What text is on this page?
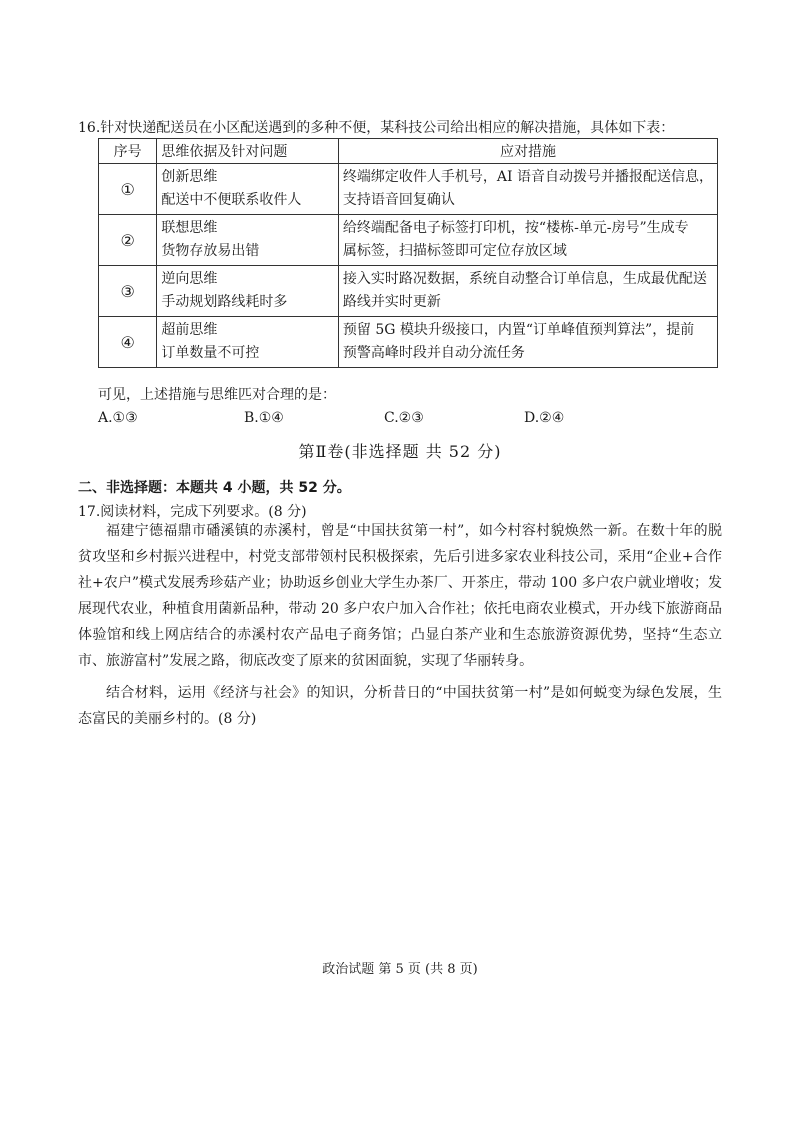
16.针对快递配送员在小区配送遇到的多种不便，某科技公司给出相应的解决措施，具体如下表：
序号	思维依据及针对问题	应对措施
①	创新思维
配送中不便联系收件人	终端绑定收件人手机号，AI 语音自动拨号并播报配送信息，
支持语音回复确认

②	联想思维
货物存放易出错	给终端配备电子标签打印机，按“楼栋-单元-房号”生成专
属标签，扫描标签即可定位存放区域

③	逆向思维
手动规划路线耗时多	接入实时路况数据，系统自动整合订单信息，生成最优配送
路线并实时更新

④	超前思维
订单数量不可控	预留 5G 模块升级接口，内置“订单峰值预判算法”，提前
预警高峰时段并自动分流任务
可见，上述措施与思维匹对合理的是：
A.①③	B.①④	C.②③	D.②④
第Ⅱ卷(非选择题 共 52 分)
二、非选择题：本题共 4 小题，共 52 分。
17.阅读材料，完成下列要求。(8 分)

福建宁德福鼎市磻溪镇的赤溪村，曾是“中国扶贫第一村”，如今村容村貌焕然一新。在数十年的脱贫攻坚和乡村振兴进程中，村党支部带领村民积极探索，先后引进多家农业科技公司，采用“企业+合作社+农户”模式发展秀珍菇产业；协助返乡创业大学生办茶厂、开茶庄，带动 100 多户农户就业增收；发展现代农业，种植食用菌新品种，带动 20 多户农户加入合作社；依托电商农业模式，开办线下旅游商品体验馆和线上网店结合的赤溪村农产品电子商务馆；凸显白茶产业和生态旅游资源优势，坚持“生态立市、旅游富村”发展之路，彻底改变了原来的贫困面貌，实现了华丽转身。

结合材料，运用《经济与社会》的知识，分析昔日的“中国扶贫第一村”是如何蜕变为绿色发展，生态富民的美丽乡村的。(8 分)

政治试题 第 5 页 (共 8 页)
